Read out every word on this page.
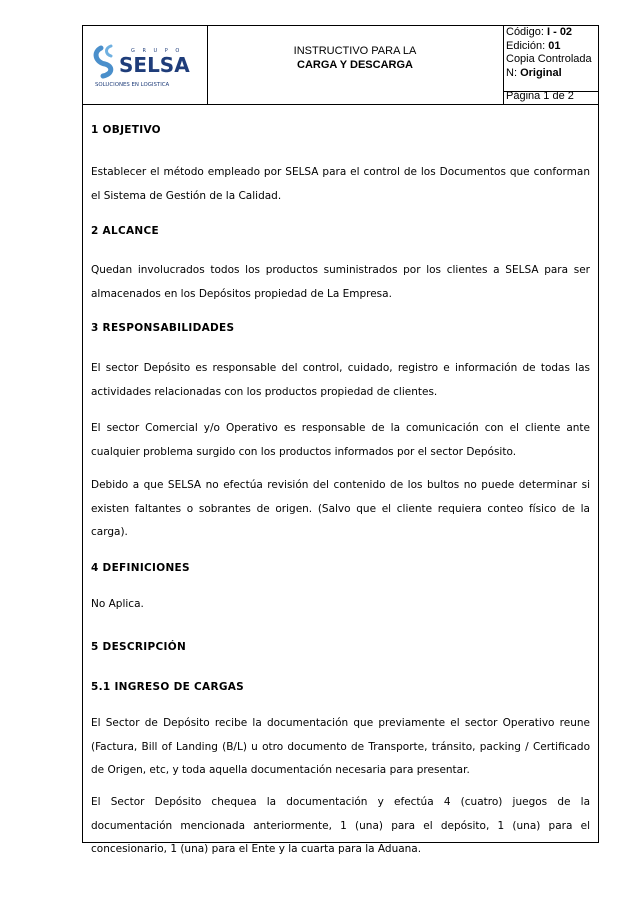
G R U P O
SELSA
SOLUCIONES EN LOGISTICA
INSTRUCTIVO PARA LA
CARGA Y DESCARGA
Código: I - 02
Edición: 01
Copia Controlada
N: Original
Página 1 de 2
1 OBJETIVO

Establecer el método empleado por SELSA para el control de los Documentos que conforman el Sistema de Gestión de la Calidad.

2 ALCANCE

Quedan involucrados todos los productos suministrados por los clientes a SELSA para ser almacenados en los Depósitos propiedad de La Empresa.

3 RESPONSABILIDADES

El sector Depósito es responsable del control, cuidado, registro e información de todas las actividades relacionadas con los productos propiedad de clientes.

El sector Comercial y/o Operativo es responsable de la comunicación con el cliente ante cualquier problema surgido con los productos informados por el sector Depósito.

Debido a que SELSA no efectúa revisión del contenido de los bultos no puede determinar si existen faltantes o sobrantes de origen. (Salvo que el cliente requiera conteo físico de la carga).

4 DEFINICIONES

No Aplica.

5 DESCRIPCIÓN
5.1 INGRESO DE CARGAS

El Sector de Depósito recibe la documentación que previamente el sector Operativo reune (Factura, Bill of Landing (B/L) u otro documento de Transporte, tránsito, packing / Certificado de Origen, etc, y toda aquella documentación necesaria para presentar.

El Sector Depósito chequea la documentación y efectúa 4 (cuatro) juegos de la documentación mencionada anteriormente, 1 (una) para el depósito, 1 (una) para el concesionario, 1 (una) para el Ente y la cuarta para la Aduana.
